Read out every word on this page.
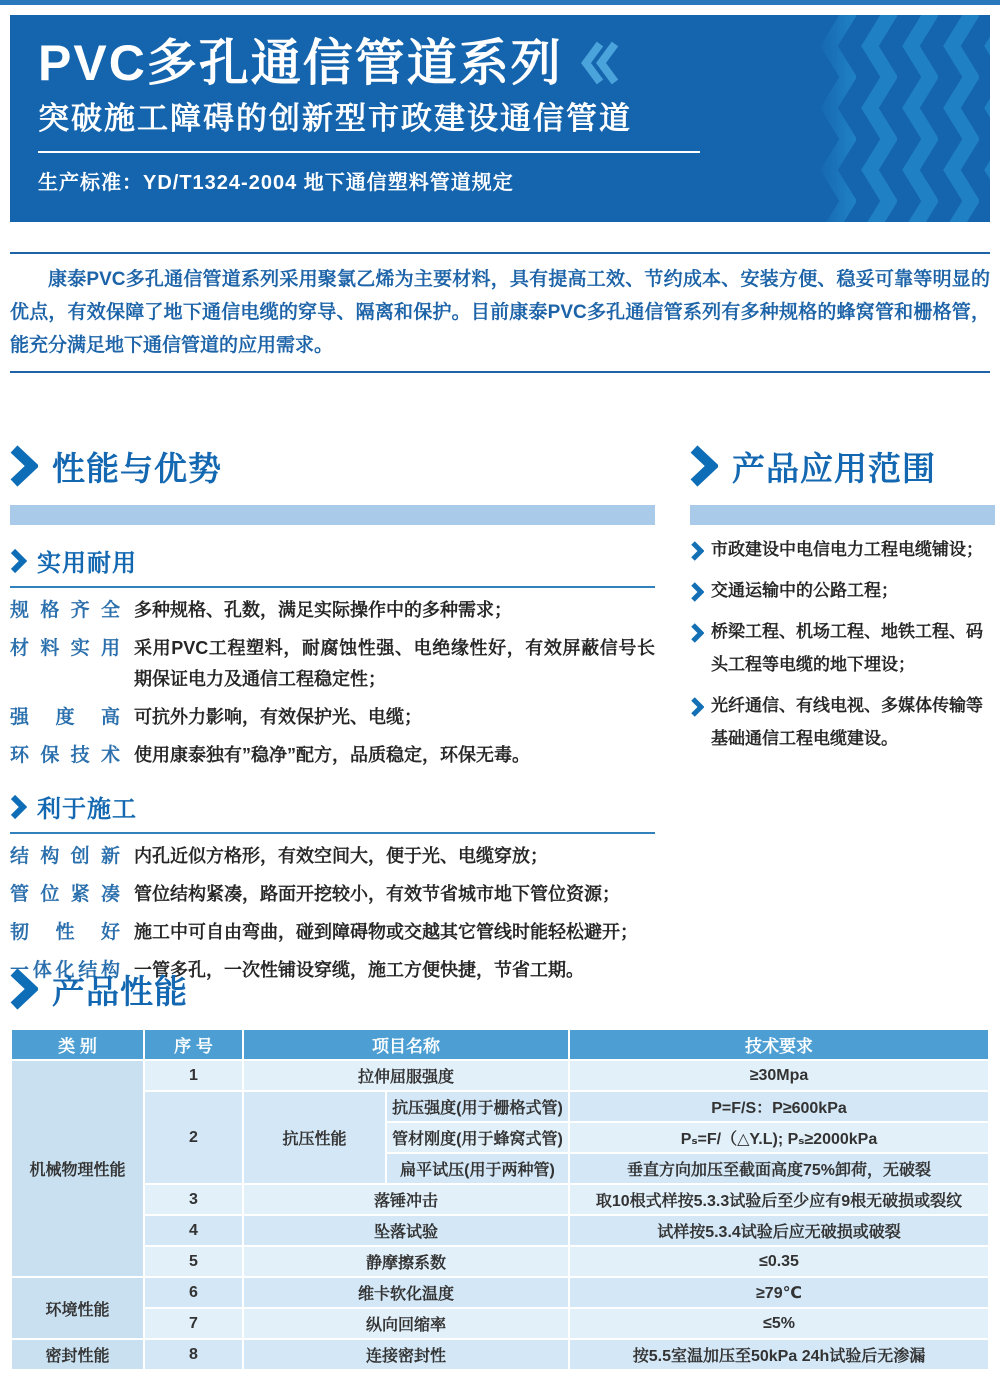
PVC多孔通信管道系列
突破施工障碍的创新型市政建设通信管道
生产标准：YD/T1324-2004 地下通信塑料管道规定

康泰PVC多孔通信管道系列采用聚氯乙烯为主要材料，具有提高工效、节约成本、安装方便、稳妥可靠等明显的优点，有效保障了地下通信电缆的穿导、隔离和保护。目前康泰PVC多孔通信管系列有多种规格的蜂窝管和栅格管，能充分满足地下通信管道的应用需求。

性能与优势
实用耐用
规格齐全 多种规格、孔数，满足实际操作中的多种需求；
材料实用 采用PVC工程塑料，耐腐蚀性强、电绝缘性好，有效屏蔽信号长期保证电力及通信工程稳定性；
强度高 可抗外力影响，有效保护光、电缆；
环保技术 使用康泰独有”稳净”配方，品质稳定，环保无毒。
利于施工
结构创新 内孔近似方格形，有效空间大，便于光、电缆穿放；
管位紧凑 管位结构紧凑，路面开挖较小，有效节省城市地下管位资源；
韧性好 施工中可自由弯曲，碰到障碍物或交越其它管线时能轻松避开；
一体化结构 一管多孔，一次性铺设穿缆，施工方便快捷，节省工期。
产品应用范围
市政建设中电信电力工程电缆铺设；
交通运输中的公路工程；
桥梁工程、机场工程、地铁工程、码头工程等电缆的地下埋设；
光纤通信、有线电视、多媒体传输等基础通信工程电缆建设。
产品性能
类 别	序 号	项目名称		技术要求
机械物理性能	1	拉伸屈服强度		≥30Mpa
	2	抗压性能	抗压强度(用于栅格式管)	P=F/S：P≥600kPa
			管材刚度(用于蜂窝式管)	Pₛ=F/（△Y.L); Pₛ≥2000kPa
			扁平试压(用于两种管)	垂直方向加压至截面高度75%卸荷，无破裂
	3	落锤冲击		取10根式样按5.3.3试验后至少应有9根无破损或裂纹
	4	坠落试验		试样按5.3.4试验后应无破损或破裂
	5	静摩擦系数		≤0.35
环境性能	6	维卡软化温度		≥79℃
	7	纵向回缩率		≤5%
密封性能	8	连接密封性		按5.5室温加压至50kPa 24h试验后无渗漏
